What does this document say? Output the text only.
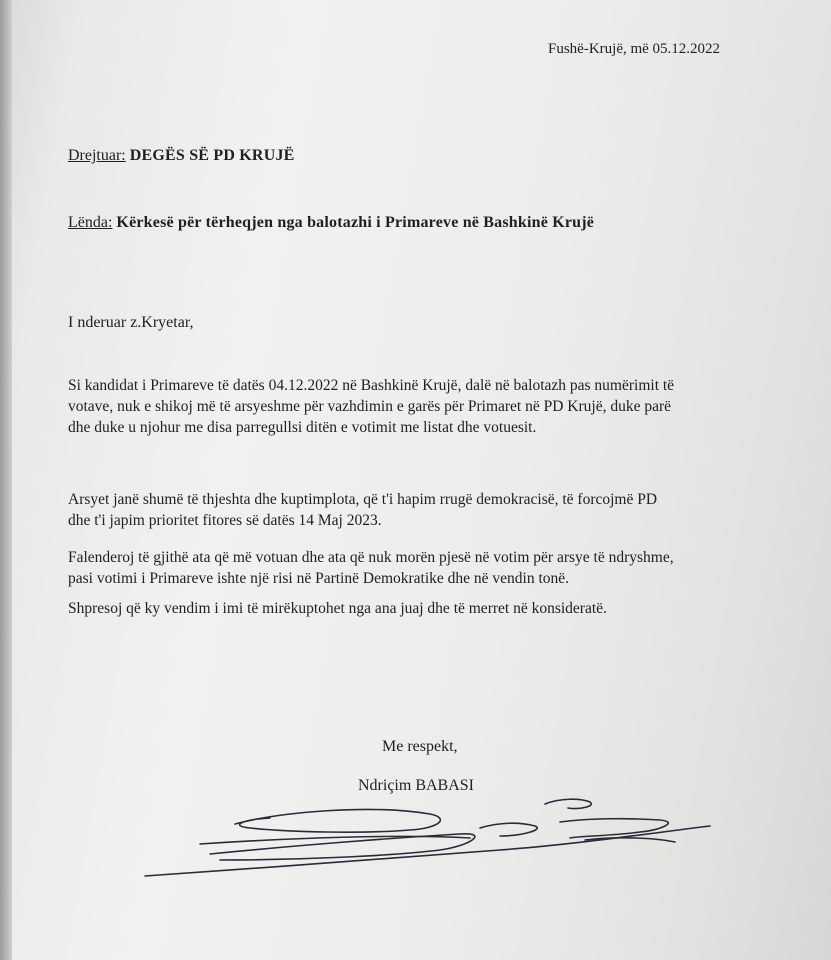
Fushë-Krujë, më 05.12.2022
Drejtuar: DEGËS SË PD KRUJË
Lënda: Kërkesë për tërheqjen nga balotazhi i Primareve në Bashkinë Krujë
I nderuar z.Kryetar,
Si kandidat i Primareve të datës 04.12.2022 në Bashkinë Krujë, dalë në balotazh pas numërimit të
votave, nuk e shikoj më të arsyeshme për vazhdimin e garës për Primaret në PD Krujë, duke parë
dhe duke u njohur me disa parregullsi ditën e votimit me listat dhe votuesit.
Arsyet janë shumë të thjeshta dhe kuptimplota, që t'i hapim rrugë demokracisë, të forcojmë PD
dhe t'i japim prioritet fitores së datës 14 Maj 2023.
Falenderoj të gjithë ata që më votuan dhe ata që nuk morën pjesë në votim për arsye të ndryshme,
pasi votimi i Primareve ishte një risi në Partinë Demokratike dhe në vendin tonë.
Shpresoj që ky vendim i imi të mirëkuptohet nga ana juaj dhe të merret në konsideratë.
Me respekt,
Ndriçim BABASI
